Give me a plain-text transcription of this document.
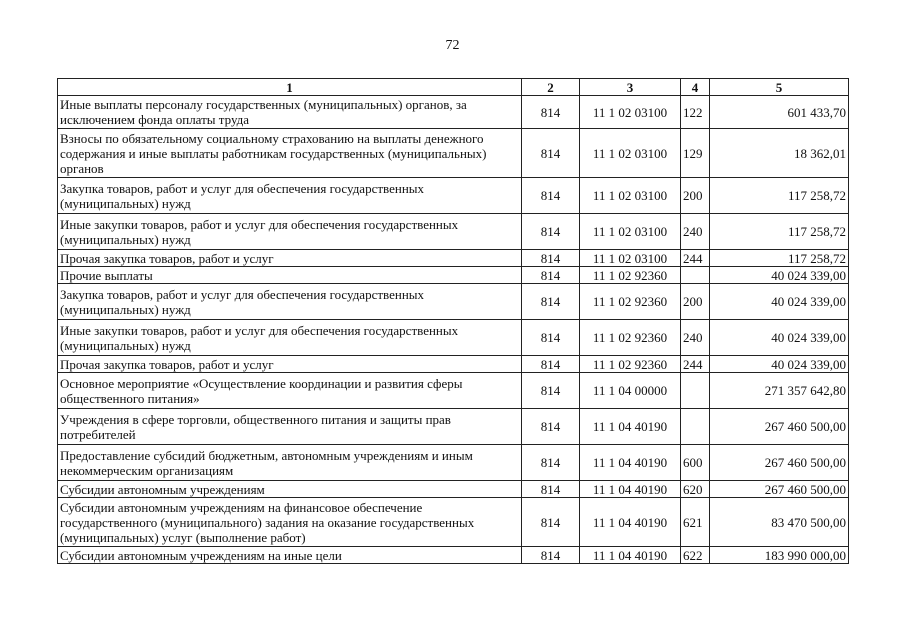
72
1	2	3	4	5
Иные выплаты персоналу государственных (муниципальных) органов, за исключением фонда оплаты труда	814	11 1 02 03100	122	601 433,70
Взносы по обязательному социальному страхованию на выплаты денежного содержания и иные выплаты работникам государственных (муниципальных) органов	814	11 1 02 03100	129	18 362,01
Закупка товаров, работ и услуг для обеспечения государственных (муниципальных) нужд	814	11 1 02 03100	200	117 258,72
Иные закупки товаров, работ и услуг для обеспечения государственных (муниципальных) нужд	814	11 1 02 03100	240	117 258,72
Прочая закупка товаров, работ и услуг	814	11 1 02 03100	244	117 258,72
Прочие выплаты	814	11 1 02 92360		40 024 339,00
Закупка товаров, работ и услуг для обеспечения государственных (муниципальных) нужд	814	11 1 02 92360	200	40 024 339,00
Иные закупки товаров, работ и услуг для обеспечения государственных (муниципальных) нужд	814	11 1 02 92360	240	40 024 339,00
Прочая закупка товаров, работ и услуг	814	11 1 02 92360	244	40 024 339,00
Основное мероприятие «Осуществление координации и развития сферы общественного питания»	814	11 1 04 00000		271 357 642,80
Учреждения в сфере торговли, общественного питания и защиты прав потребителей	814	11 1 04 40190		267 460 500,00
Предоставление субсидий бюджетным, автономным учреждениям и иным некоммерческим организациям	814	11 1 04 40190	600	267 460 500,00
Субсидии автономным учреждениям	814	11 1 04 40190	620	267 460 500,00
Субсидии автономным учреждениям на финансовое обеспечение государственного (муниципального) задания на оказание государственных (муниципальных) услуг (выполнение работ)	814	11 1 04 40190	621	83 470 500,00
Субсидии автономным учреждениям на иные цели	814	11 1 04 40190	622	183 990 000,00
